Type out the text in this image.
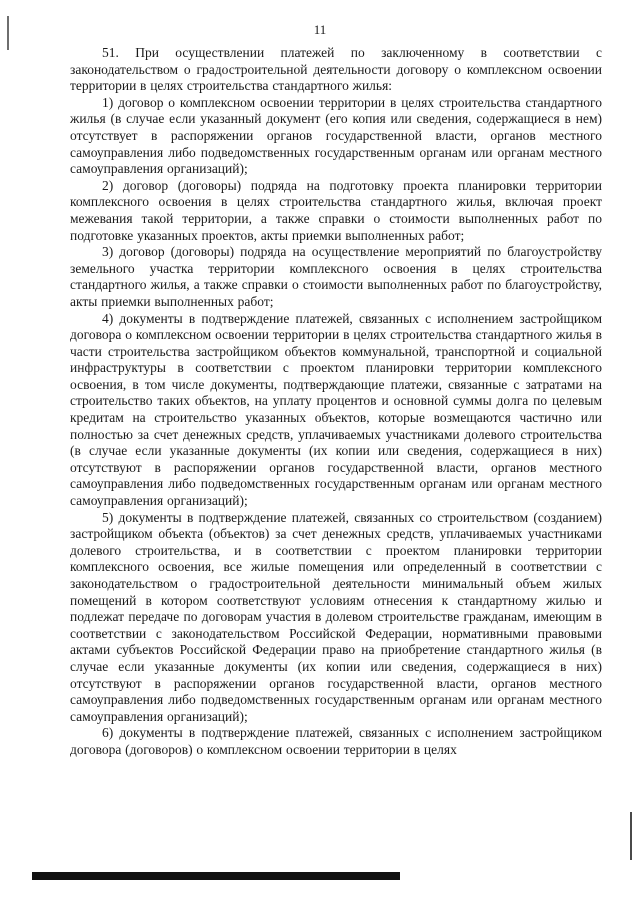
11

51. При осуществлении платежей по заключенному в соответствии с законодательством о градостроительной деятельности договору о комплексном освоении территории в целях строительства стандартного жилья:

1) договор о комплексном освоении территории в целях строительства стандартного жилья (в случае если указанный документ (его копия или сведения, содержащиеся в нем) отсутствует в распоряжении органов государственной власти, органов местного самоуправления либо подведомственных государственным органам или органам местного самоуправления организаций);

2) договор (договоры) подряда на подготовку проекта планировки территории комплексного освоения в целях строительства стандартного жилья, включая проект межевания такой территории, а также справки о стоимости выполненных работ по подготовке указанных проектов, акты приемки выполненных работ;

3) договор (договоры) подряда на осуществление мероприятий по благоустройству земельного участка территории комплексного освоения в целях строительства стандартного жилья, а также справки о стоимости выполненных работ по благоустройству, акты приемки выполненных работ;

4) документы в подтверждение платежей, связанных с исполнением застройщиком договора о комплексном освоении территории в целях строительства стандартного жилья в части строительства застройщиком объектов коммунальной, транспортной и социальной инфраструктуры в соответствии с проектом планировки территории комплексного освоения, в том числе документы, подтверждающие платежи, связанные с затратами на строительство таких объектов, на уплату процентов и основной суммы долга по целевым кредитам на строительство указанных объектов, которые возмещаются частично или полностью за счет денежных средств, уплачиваемых участниками долевого строительства (в случае если указанные документы (их копии или сведения, содержащиеся в них) отсутствуют в распоряжении органов государственной власти, органов местного самоуправления либо подведомственных государственным органам или органам местного самоуправления организаций);

5) документы в подтверждение платежей, связанных со строительством (созданием) застройщиком объекта (объектов) за счет денежных средств, уплачиваемых участниками долевого строительства, и в соответствии с проектом планировки территории комплексного освоения, все жилые помещения или определенный в соответствии с законодательством о градостроительной деятельности минимальный объем жилых помещений в котором соответствуют условиям отнесения к стандартному жилью и подлежат передаче по договорам участия в долевом строительстве гражданам, имеющим в соответствии с законодательством Российской Федерации, нормативными правовыми актами субъектов Российской Федерации право на приобретение стандартного жилья (в случае если указанные документы (их копии или сведения, содержащиеся в них) отсутствуют в распоряжении органов государственной власти, органов местного самоуправления либо подведомственных государственным органам или органам местного самоуправления организаций);

6) документы в подтверждение платежей, связанных с исполнением застройщиком договора (договоров) о комплексном освоении территории в целях
